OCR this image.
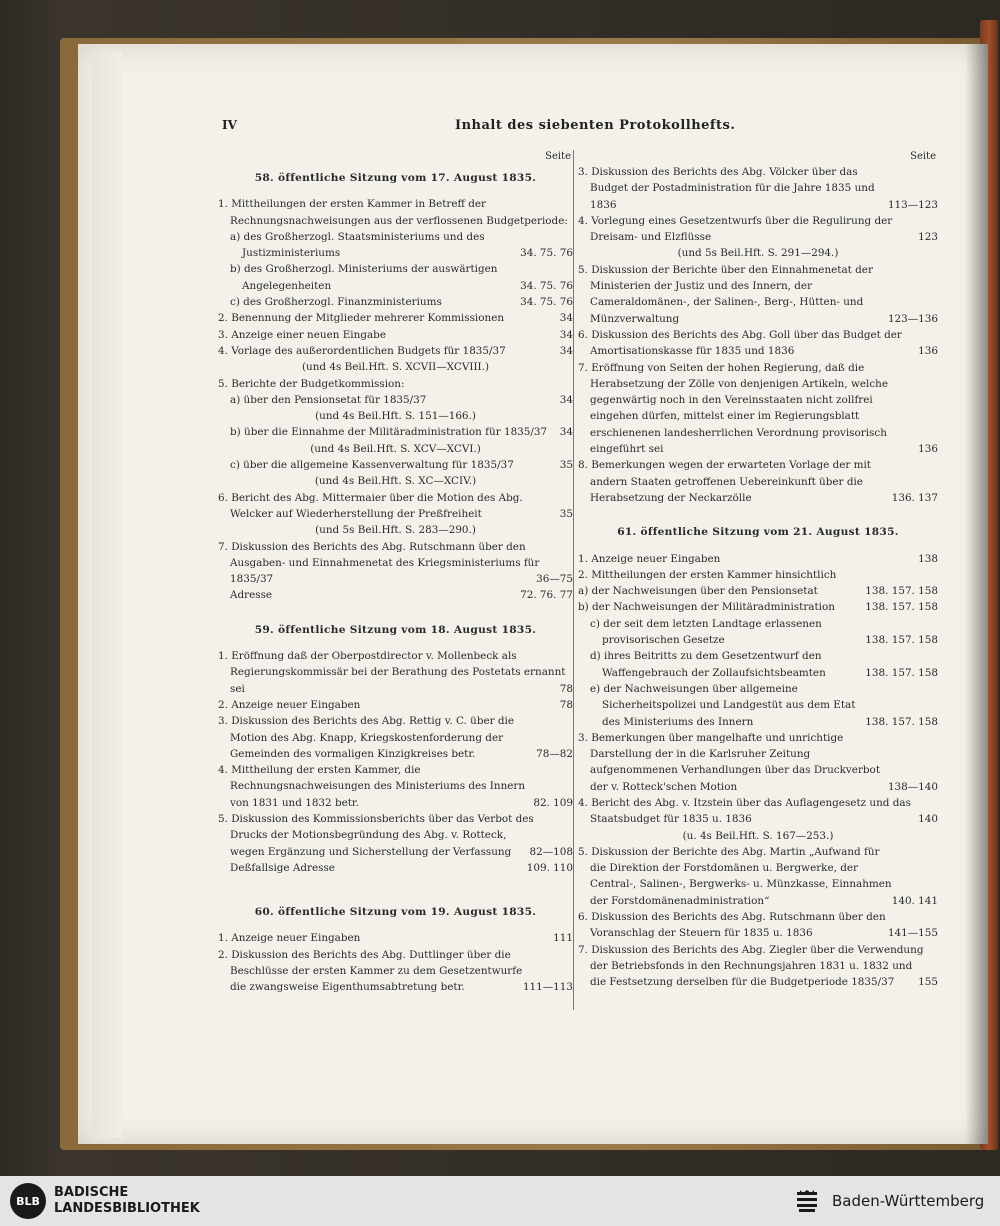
IV	Inhalt des siebenten Protokollhefts.
Seite
58. öffentliche Sitzung vom 17. August 1835.
1. Mittheilungen der ersten Kammer in Betreff der Rechnungsnachweisungen aus der verflossenen Budgetperiode:
a) des Großherzogl. Staatsministeriums und des Justizministeriums	34. 75. 76
b) des Großherzogl. Ministeriums der auswärtigen Angelegenheiten	34. 75. 76
c) des Großherzogl. Finanzministeriums	34. 75. 76
2. Benennung der Mitglieder mehrerer Kommissionen	34
3. Anzeige einer neuen Eingabe	34
4. Vorlage des außerordentlichen Budgets für 1835/37	34
(und 4s Beil.Hft. S. XCVII—XCVIII.)
5. Berichte der Budgetkommission:
a) über den Pensionsetat für 1835/37	34
(und 4s Beil.Hft. S. 151—166.)
b) über die Einnahme der Militäradministration für 1835/37	34
(und 4s Beil.Hft. S. XCV—XCVI.)
c) über die allgemeine Kassenverwaltung für 1835/37	35
(und 4s Beil.Hft. S. XC—XCIV.)
6. Bericht des Abg. Mittermaier über die Motion des Abg. Welcker auf Wiederherstellung der Preßfreiheit	35
(und 5s Beil.Hft. S. 283—290.)
7. Diskussion des Berichts des Abg. Rutschmann über den Ausgaben- und Einnahmenetat des Kriegsministeriums für 1835/37	36—75
Adresse	72. 76. 77
59. öffentliche Sitzung vom 18. August 1835.
1. Eröffnung daß der Oberpostdirector v. Mollenbeck als Regierungskommissär bei der Berathung des Postetats ernannt sei	78
2. Anzeige neuer Eingaben	78
3. Diskussion des Berichts des Abg. Rettig v. C. über die Motion des Abg. Knapp, Kriegskostenforderung der Gemeinden des vormaligen Kinzigkreises betr.	78—82
4. Mittheilung der ersten Kammer, die Rechnungsnachweisungen des Ministeriums des Innern von 1831 und 1832 betr.	82. 109
5. Diskussion des Kommissionsberichts über das Verbot des Drucks der Motionsbegründung des Abg. v. Rotteck, wegen Ergänzung und Sicherstellung der Verfassung	82—108
Deßfallsige Adresse	109. 110
60. öffentliche Sitzung vom 19. August 1835.
1. Anzeige neuer Eingaben	111
2. Diskussion des Berichts des Abg. Duttlinger über die Beschlüsse der ersten Kammer zu dem Gesetzentwurfe die zwangsweise Eigenthumsabtretung betr.	111—113
Seite
3. Diskussion des Berichts des Abg. Völcker über das Budget der Postadministration für die Jahre 1835 und 1836	113—123
4. Vorlegung eines Gesetzentwurfs über die Regulirung der Dreisam- und Elzflüsse	123
(und 5s Beil.Hft. S. 291—294.)
5. Diskussion der Berichte über den Einnahmenetat der Ministerien der Justiz und des Innern, der Cameraldomänen-, der Salinen-, Berg-, Hütten- und Münzverwaltung	123—136
6. Diskussion des Berichts des Abg. Goll über das Budget der Amortisationskasse für 1835 und 1836	136
7. Eröffnung von Seiten der hohen Regierung, daß die Herabsetzung der Zölle von denjenigen Artikeln, welche gegenwärtig noch in den Vereinsstaaten nicht zollfrei eingehen dürfen, mittelst einer im Regierungsblatt erschienenen landesherrlichen Verordnung provisorisch eingeführt sei	136
8. Bemerkungen wegen der erwarteten Vorlage der mit andern Staaten getroffenen Uebereinkunft über die Herabsetzung der Neckarzölle	136. 137
61. öffentliche Sitzung vom 21. August 1835.
1. Anzeige neuer Eingaben	138
2. Mittheilungen der ersten Kammer hinsichtlich
a) der Nachweisungen über den Pensionsetat	138. 157. 158
b) der Nachweisungen der Militäradministration	138. 157. 158
c) der seit dem letzten Landtage erlassenen provisorischen Gesetze	138. 157. 158
d) ihres Beitritts zu dem Gesetzentwurf den Waffengebrauch der Zollaufsichtsbeamten	138. 157. 158
e) der Nachweisungen über allgemeine Sicherheitspolizei und Landgestüt aus dem Etat des Ministeriums des Innern	138. 157. 158
3. Bemerkungen über mangelhafte und unrichtige Darstellung der in die Karlsruher Zeitung aufgenommenen Verhandlungen über das Druckverbot der v. Rotteck'schen Motion	138—140
4. Bericht des Abg. v. Itzstein über das Auflagengesetz und das Staatsbudget für 1835 u. 1836	140
(u. 4s Beil.Hft. S. 167—253.)
5. Diskussion der Berichte des Abg. Martin „Aufwand für die Direktion der Forstdomänen u. Bergwerke, der Central-, Salinen-, Bergwerks- u. Münzkasse, Einnahmen der Forstdomänenadministration“	140. 141
6. Diskussion des Berichts des Abg. Rutschmann über den Voranschlag der Steuern für 1835 u. 1836	141—155
7. Diskussion des Berichts des Abg. Ziegler über die Verwendung der Betriebsfonds in den Rechnungsjahren 1831 u. 1832 und die Festsetzung derselben für die Budgetperiode 1835/37	155
BLB
BADISCHE
LANDESBIBLIOTHEK	Baden-Württemberg
